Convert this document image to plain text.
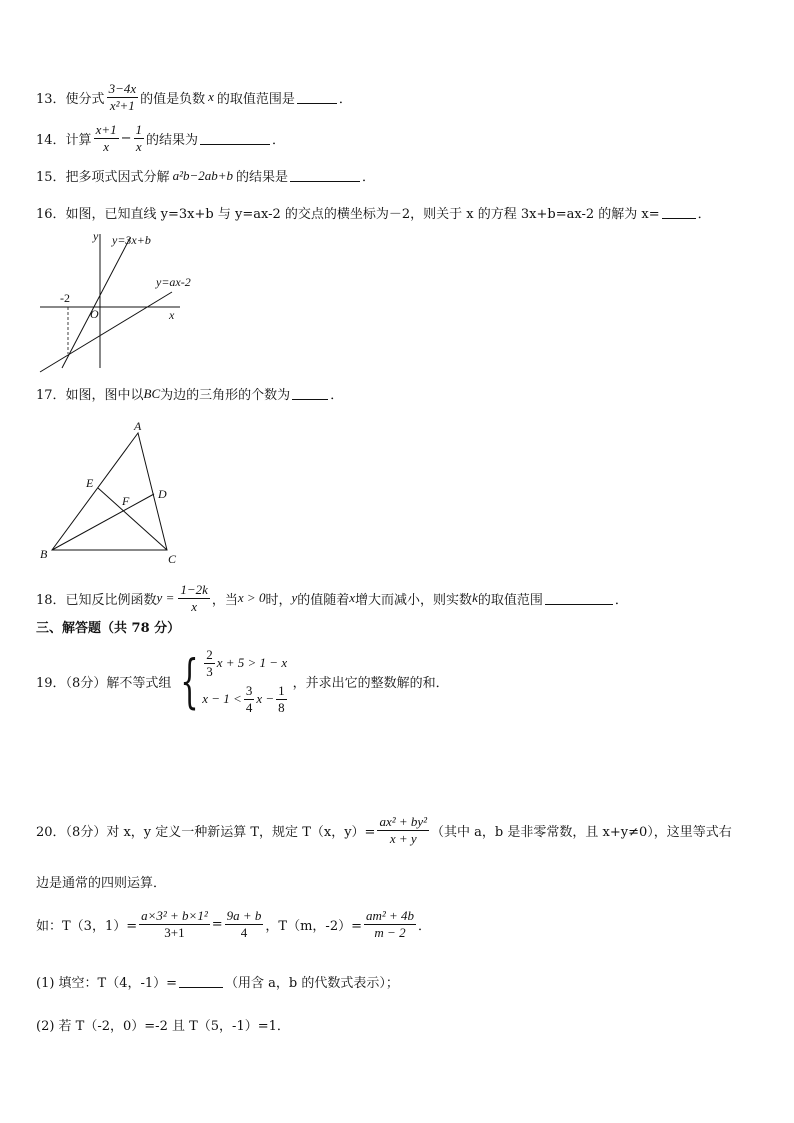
13． 使分式 $\frac{3-4x}{\text{x²+1}}$ 的值是负数 x 的取值范围是	．
14． 计算 $\frac{x+1}{x} - \frac{1}{x}$ 的结果为	．
15． 把多项式因式分解 a²b−2ab+b 的结果是	．
16．如图，已知直线 y=3x+b 与 y=ax-2 的交点的横坐标为－2，则关于 x 的方程 3x+b=ax-2 的解为 x=	．
y y=3x+b
y=ax-2
x
O
-2
17．如图，图中以 BC 为边的三角形的个数为	．
A
B	C
D
E
F
18．已知反比例函数 $y = \frac{1-2k}{x}$ ，当 x > 0 时， y 的值随着 x 增大而减小，则实数 k 的取值范围	．
三、解答题（共 78 分）
19．（8分）解不等式组 { $\frac{2}{3}$ x + 5 > 1 − x
$x - 1 < \frac{3}{4}$ $x - \frac{1}{8}$
，并求出它的整数解的和．
20．（8分）对 x，y 定义一种新运算 T，规定 T（x，$y)= \frac{\text{ax² + by²}}{x + y}$ （其中 a，b 是非零常数，且 x+y≠0），这里等式右
边是通常的四则运算．
如：T（3，$1)= \frac{\text{a×3² + b×1²}}{3+1} = \frac{9a + b}{4}$ ，T（m，$-2)= \frac{\text{am² + 4b}}{m - 2}$ ．
(1) 填空：T（4，-1）=	（用含 a，b 的代数式表示）；
(2) 若 T（-2，0）=-2 且 T（5，-1）=1．
